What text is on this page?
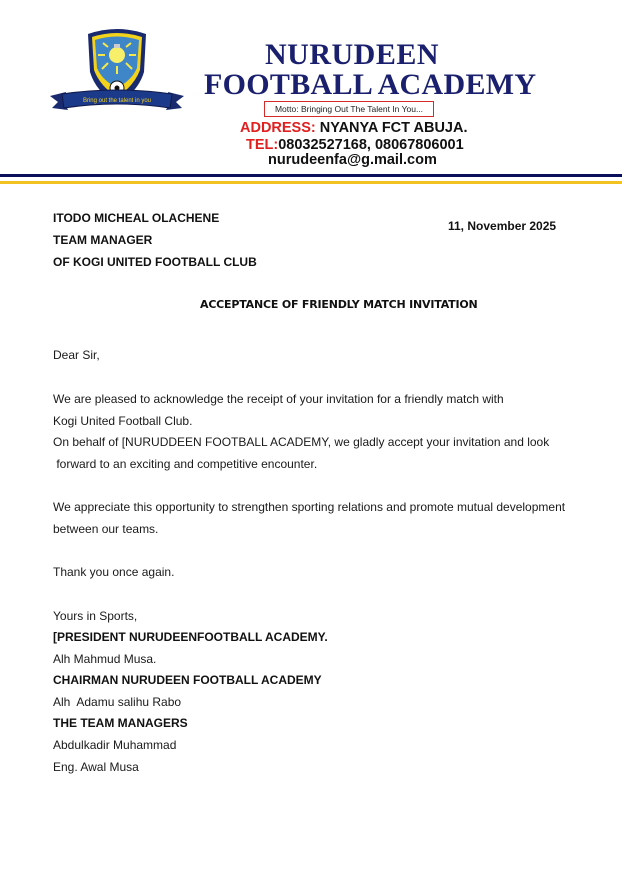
Bring out the talent in you
NURUDEEN
FOOTBALL ACADEMY
Motto: Bringing Out The Talent In You...
ADDRESS: NYANYA FCT ABUJA.
TEL:08032527168, 08067806001
nurudeenfa@g.mail.com
ITODO MICHEAL OLACHENE
TEAM MANAGER
OF KOGI UNITED FOOTBALL CLUB
11, November 2025
ACCEPTANCE OF FRIENDLY MATCH INVITATION
Dear Sir,
We are pleased to acknowledge the receipt of your invitation for a friendly match with
Kogi United Football Club.
On behalf of [NURUDDEEN FOOTBALL ACADEMY, we gladly accept your invitation and look
forward to an exciting and competitive encounter.
We appreciate this opportunity to strengthen sporting relations and promote mutual development
between our teams.
Thank you once again.
Yours in Sports,
[PRESIDENT NURUDEENFOOTBALL ACADEMY.
Alh Mahmud Musa.
CHAIRMAN NURUDEEN FOOTBALL ACADEMY
Alh  Adamu salihu Rabo
THE TEAM MANAGERS
Abdulkadir Muhammad
Eng. Awal Musa
